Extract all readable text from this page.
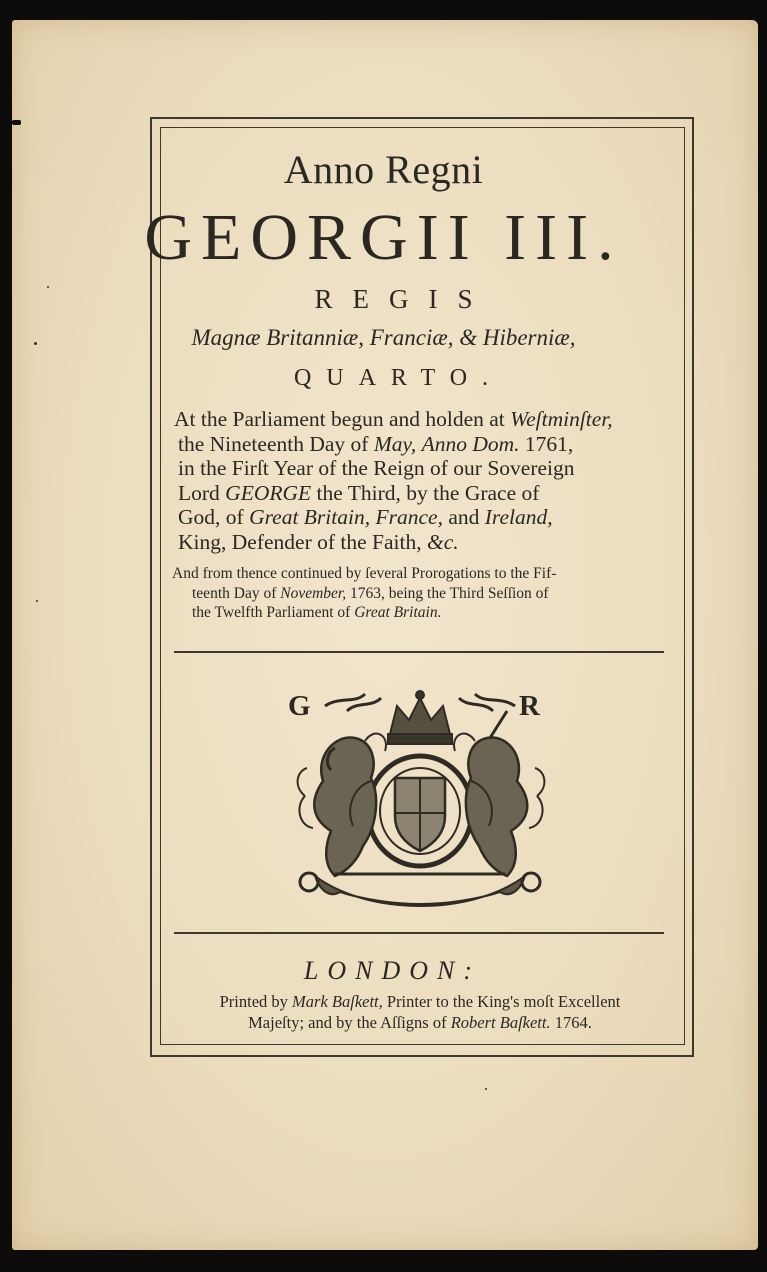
Anno Regni

GEORGII III.

REGIS

Magnæ Britanniæ, Franciæ, & Hiberniæ,

QUARTO.

At the Parliament begun and holden at Weſtminſter,
the Nineteenth Day of May, Anno Dom. 1761,
in the Firſt Year of the Reign of our Sovereign
Lord GEORGE the Third, by the Grace of
God, of Great Britain, France, and Ireland,
King, Defender of the Faith, &c.

And from thence continued by ſeveral Prorogations to the Fif-
teenth Day of November, 1763, being the Third Seſſion of
the Twelfth Parliament of Great Britain.

G	R

LONDON:

Printed by Mark Baſkett, Printer to the King's moſt Excellent
Majeſty; and by the Aſſigns of Robert Baſkett. 1764.
